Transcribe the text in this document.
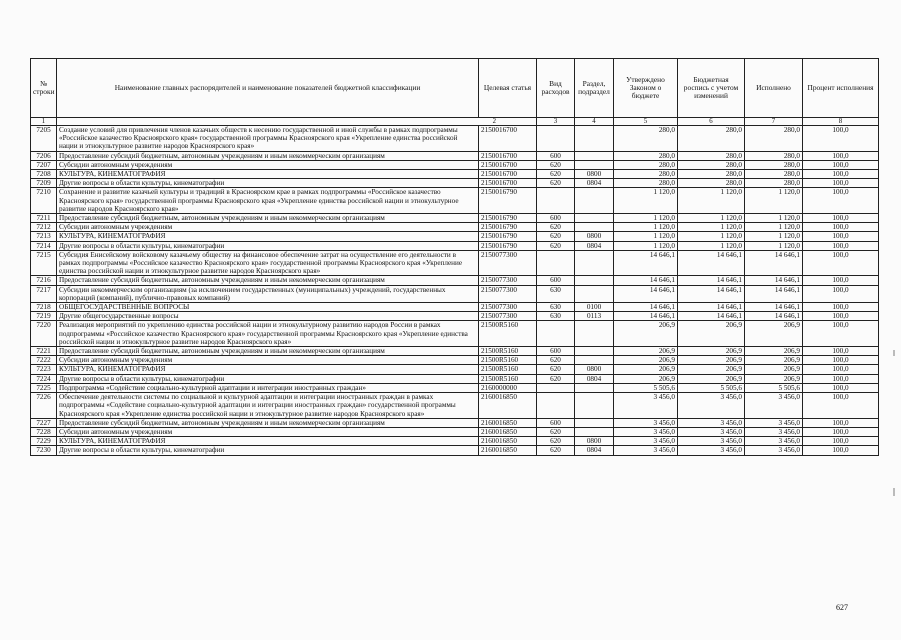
№ строки	Наименование главных распорядителей и наименование показателей бюджетной классификации	Целевая статья	Вид расходов	Раздел, подраздел	Утверждено Законом о бюджете	Бюджетная роспись с учетом изменений	Исполнено	Процент исполнения
1	2		3	4	5	6	7	8
7205	Создание условий для привлечения членов казачьих обществ к несению государственной и иной службы в рамках подпрограммы «Российское казачество Красноярского края» государственной программы Красноярского края «Укрепление единства российской нации и этнокультурное развитие народов Красноярского края»	2150016700			280,0	280,0	280,0	100,0
7206	Предоставление субсидий бюджетным, автономным учреждениям и иным некоммерческим организациям	2150016700	600		280,0	280,0	280,0	100,0
7207	Субсидии автономным учреждениям	2150016700	620		280,0	280,0	280,0	100,0
7208	КУЛЬТУРА, КИНЕМАТОГРАФИЯ	2150016700	620	0800	280,0	280,0	280,0	100,0
7209	Другие вопросы в области культуры, кинематографии	2150016700	620	0804	280,0	280,0	280,0	100,0
7210	Сохранение и развитие казачьей культуры и традиций в Красноярском крае в рамках подпрограммы «Российское казачество Красноярского края» государственной программы Красноярского края «Укрепление единства российской нации и этнокультурное развитие народов Красноярского края»	2150016790			1 120,0	1 120,0	1 120,0	100,0
7211	Предоставление субсидий бюджетным, автономным учреждениям и иным некоммерческим организациям	2150016790	600		1 120,0	1 120,0	1 120,0	100,0
7212	Субсидии автономным учреждениям	2150016790	620		1 120,0	1 120,0	1 120,0	100,0
7213	КУЛЬТУРА, КИНЕМАТОГРАФИЯ	2150016790	620	0800	1 120,0	1 120,0	1 120,0	100,0
7214	Другие вопросы в области культуры, кинематографии	2150016790	620	0804	1 120,0	1 120,0	1 120,0	100,0
7215	Субсидия Енисейскому войсковому казачьему обществу на финансовое обеспечение затрат на осуществление его деятельности в рамках подпрограммы «Российское казачество Красноярского края» государственной программы Красноярского края «Укрепление единства российской нации и этнокультурное развитие народов Красноярского края»	2150077300			14 646,1	14 646,1	14 646,1	100,0
7216	Предоставление субсидий бюджетным, автономным учреждениям и иным некоммерческим организациям	2150077300	600		14 646,1	14 646,1	14 646,1	100,0
7217	Субсидии некоммерческим организациям (за исключением государственных (муниципальных) учреждений, государственных корпораций (компаний), публично-правовых компаний)	2150077300	630		14 646,1	14 646,1	14 646,1	100,0
7218	ОБЩЕГОСУДАРСТВЕННЫЕ ВОПРОСЫ	2150077300	630	0100	14 646,1	14 646,1	14 646,1	100,0
7219	Другие общегосударственные вопросы	2150077300	630	0113	14 646,1	14 646,1	14 646,1	100,0
7220	Реализация мероприятий по укреплению единства российской нации и этнокультурному развитию народов России в рамках подпрограммы «Российское казачество Красноярского края» государственной программы Красноярского края «Укрепление единства российской нации и этнокультурное развитие народов Красноярского края»	21500R5160			206,9	206,9	206,9	100,0
7221	Предоставление субсидий бюджетным, автономным учреждениям и иным некоммерческим организациям	21500R5160	600		206,9	206,9	206,9	100,0
7222	Субсидии автономным учреждениям	21500R5160	620		206,9	206,9	206,9	100,0
7223	КУЛЬТУРА, КИНЕМАТОГРАФИЯ	21500R5160	620	0800	206,9	206,9	206,9	100,0
7224	Другие вопросы в области культуры, кинематографии	21500R5160	620	0804	206,9	206,9	206,9	100,0
7225	Подпрограмма «Содействие социально-культурной адаптации и интеграции иностранных граждан»	2160000000			5 505,6	5 505,6	5 505,6	100,0
7226	Обеспечение деятельности системы по социальной и культурной адаптации и интеграции иностранных граждан в рамках подпрограммы «Содействие социально-культурной адаптации и интеграции иностранных граждан» государственной программы Красноярского края «Укрепление единства российской нации и этнокультурное развитие народов Красноярского края»	2160016850			3 456,0	3 456,0	3 456,0	100,0
7227	Предоставление субсидий бюджетным, автономным учреждениям и иным некоммерческим организациям	2160016850	600		3 456,0	3 456,0	3 456,0	100,0
7228	Субсидии автономным учреждениям	2160016850	620		3 456,0	3 456,0	3 456,0	100,0
7229	КУЛЬТУРА, КИНЕМАТОГРАФИЯ	2160016850	620	0800	3 456,0	3 456,0	3 456,0	100,0
7230	Другие вопросы в области культуры, кинематографии	2160016850	620	0804	3 456,0	3 456,0	3 456,0	100,0
627
